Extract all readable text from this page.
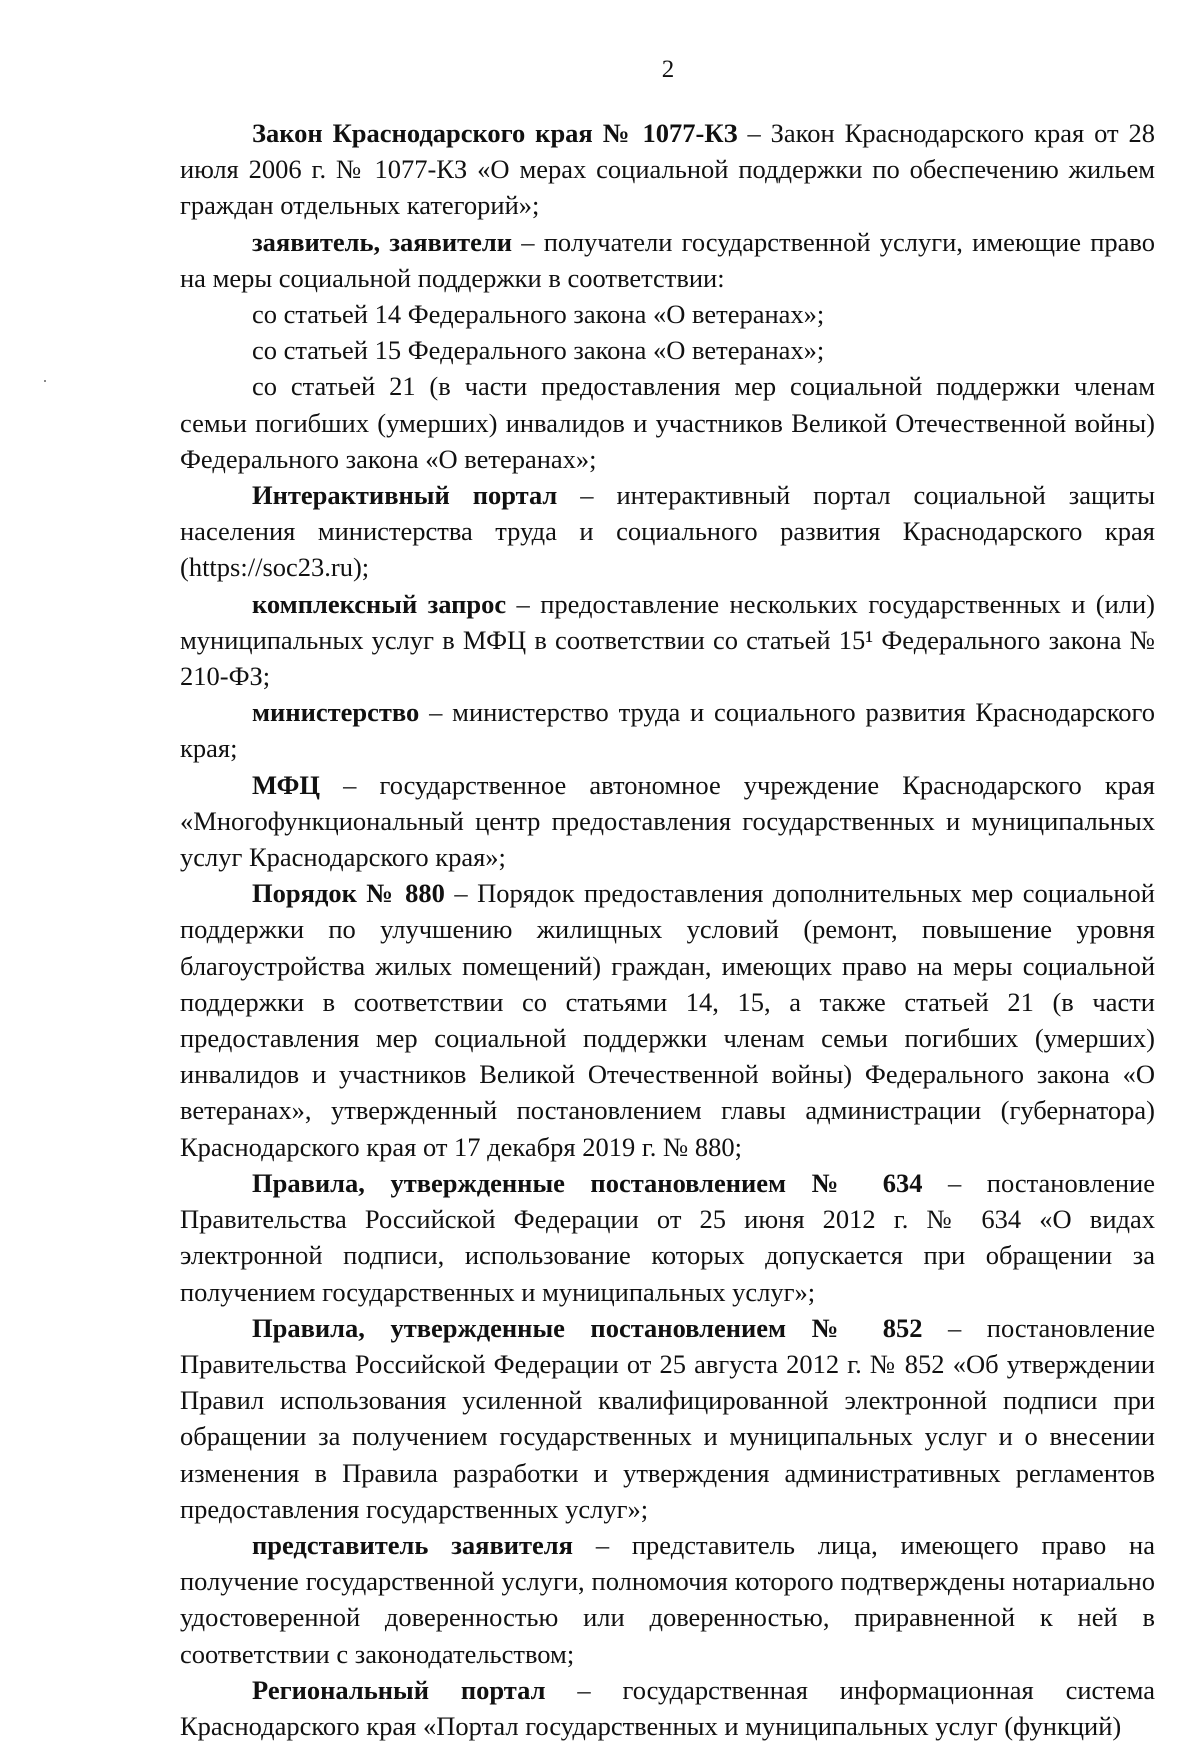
2

Закон Краснодарского края № 1077-КЗ – Закон Краснодарского края от 28 июля 2006 г. № 1077-КЗ «О мерах социальной поддержки по обеспечению жильем граждан отдельных категорий»;

заявитель, заявители – получатели государственной услуги, имеющие право на меры социальной поддержки в соответствии:

со статьей 14 Федерального закона «О ветеранах»;

со статьей 15 Федерального закона «О ветеранах»;

со статьей 21 (в части предоставления мер социальной поддержки членам семьи погибших (умерших) инвалидов и участников Великой Отечественной войны) Федерального закона «О ветеранах»;

Интерактивный портал – интерактивный портал социальной защиты населения министерства труда и социального развития Краснодарского края (https://soc23.ru);

комплексный запрос – предоставление нескольких государственных и (или) муниципальных услуг в МФЦ в соответствии со статьей 15¹ Федерального закона № 210-ФЗ;

министерство – министерство труда и социального развития Краснодарского края;

МФЦ – государственное автономное учреждение Краснодарского края «Многофункциональный центр предоставления государственных и муниципальных услуг Краснодарского края»;

Порядок № 880 – Порядок предоставления дополнительных мер социальной поддержки по улучшению жилищных условий (ремонт, повышение уровня благоустройства жилых помещений) граждан, имеющих право на меры социальной поддержки в соответствии со статьями 14, 15, а также статьей 21 (в части предоставления мер социальной поддержки членам семьи погибших (умерших) инвалидов и участников Великой Отечественной войны) Федерального закона «О ветеранах», утвержденный постановлением главы администрации (губернатора) Краснодарского края от 17 декабря 2019 г. № 880;

Правила, утвержденные постановлением № 634 – постановление Правительства Российской Федерации от 25 июня 2012 г. № 634 «О видах электронной подписи, использование которых допускается при обращении за получением государственных и муниципальных услуг»;

Правила, утвержденные постановлением № 852 – постановление Правительства Российской Федерации от 25 августа 2012 г. № 852 «Об утверждении Правил использования усиленной квалифицированной электронной подписи при обращении за получением государственных и муниципальных услуг и о внесении изменения в Правила разработки и утверждения административных регламентов предоставления государственных услуг»;

представитель заявителя – представитель лица, имеющего право на получение государственной услуги, полномочия которого подтверждены нотариально удостоверенной доверенностью или доверенностью, приравненной к ней в соответствии с законодательством;

Региональный портал – государственная информационная система Краснодарского края «Портал государственных и муниципальных услуг (функций)
